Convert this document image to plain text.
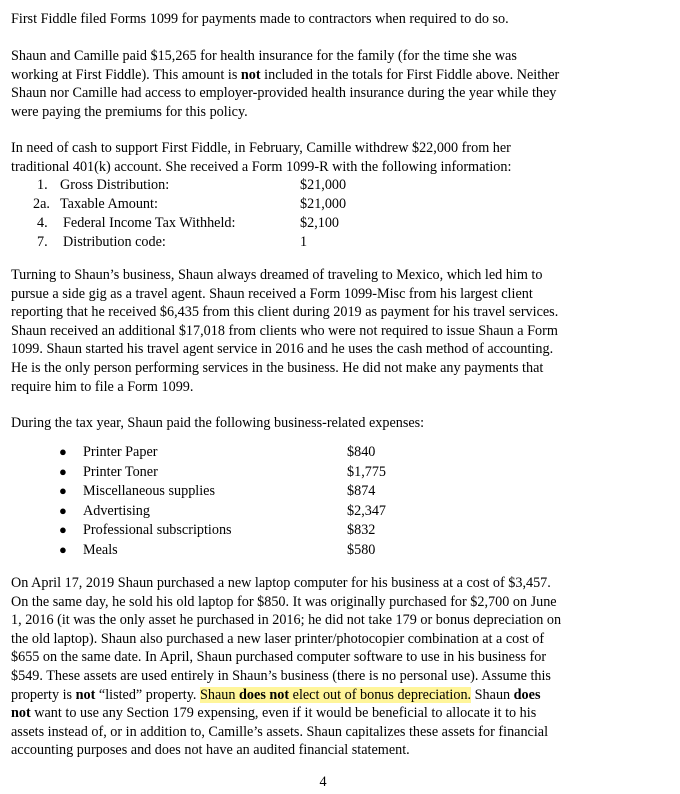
First Fiddle filed Forms 1099 for payments made to contractors when required to do so.

Shaun and Camille paid $15,265 for health insurance for the family (for the time she was
working at First Fiddle). This amount is not included in the totals for First Fiddle above. Neither
Shaun nor Camille had access to employer-provided health insurance during the year while they
were paying the premiums for this policy.

In need of cash to support First Fiddle, in February, Camille withdrew $22,000 from her
traditional 401(k) account. She received a Form 1099-R with the following information:

1. Gross Distribution:	$21,000
2a. Taxable Amount:	$21,000
4. Federal Income Tax Withheld:	$2,100
7. Distribution code:	1

Turning to Shaun’s business, Shaun always dreamed of traveling to Mexico, which led him to
pursue a side gig as a travel agent. Shaun received a Form 1099-Misc from his largest client
reporting that he received $6,435 from this client during 2019 as payment for his travel services.
Shaun received an additional $17,018 from clients who were not required to issue Shaun a Form
1099. Shaun started his travel agent service in 2016 and he uses the cash method of accounting.
He is the only person performing services in the business. He did not make any payments that
require him to file a Form 1099.

During the tax year, Shaun paid the following business-related expenses:

● Printer Paper	$840
● Printer Toner	$1,775
● Miscellaneous supplies	$874
● Advertising	$2,347
● Professional subscriptions	$832
● Meals	$580

On April 17, 2019 Shaun purchased a new laptop computer for his business at a cost of $3,457.
On the same day, he sold his old laptop for $850. It was originally purchased for $2,700 on June
1, 2016 (it was the only asset he purchased in 2016; he did not take 179 or bonus depreciation on
the old laptop). Shaun also purchased a new laser printer/photocopier combination at a cost of
$655 on the same date. In April, Shaun purchased computer software to use in his business for
$549. These assets are used entirely in Shaun’s business (there is no personal use). Assume this
property is not “listed” property. Shaun does not elect out of bonus depreciation. Shaun does
not want to use any Section 179 expensing, even if it would be beneficial to allocate it to his
assets instead of, or in addition to, Camille’s assets. Shaun capitalizes these assets for financial
accounting purposes and does not have an audited financial statement.

4
